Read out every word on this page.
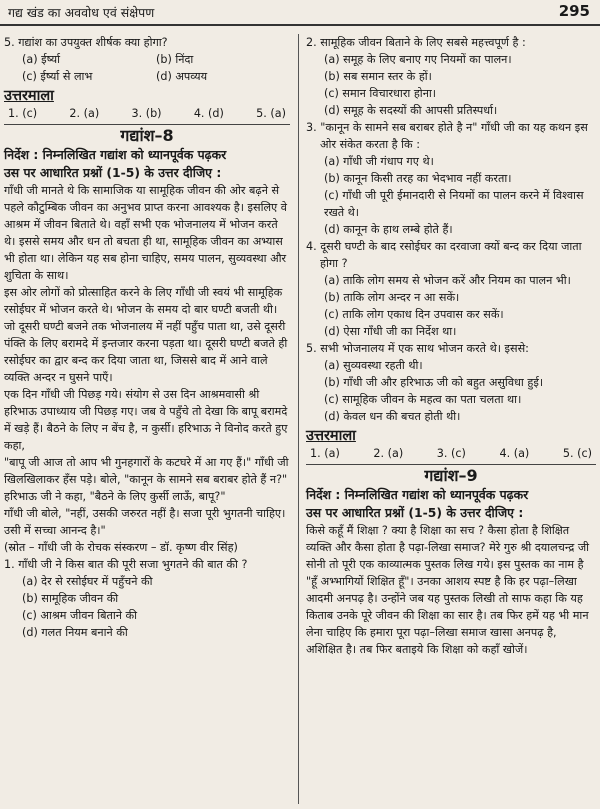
गद्य खंड का अववोध एवं संक्षेपण	295

5. गद्यांश का उपयुक्त शीर्षक क्या होगा?

(a) ईर्ष्या	(b) निंदा
(c) ईर्ष्या से लाभ	(d) अपव्यय
उत्तरमाला
1. (c)	2. (a)	3. (b)	4. (d)	5. (a)
गद्यांश–8

निर्देश : निम्नलिखित गद्यांश को ध्यानपूर्वक पढ़कर

उस पर आधारित प्रश्नों (1-5) के उत्तर दीजिए :

गाँधी जी मानते थे कि सामाजिक या सामूहिक जीवन की ओर बढ़ने से पहले कौटुम्बिक जीवन का अनुभव प्राप्त करना आवश्यक है। इसलिए वे आश्रम में जीवन बिताते थे। वहाँ सभी एक भोजनालय में भोजन करते थे। इससे समय और धन तो बचता ही था, सामूहिक जीवन का अभ्यास भी होता था। लेकिन यह सब होना चाहिए, समय पालन, सुव्यवस्था और शुचिता के साथ।

इस ओर लोगों को प्रोत्साहित करने के लिए गाँधी जी स्वयं भी सामूहिक रसोईघर में भोजन करते थे। भोजन के समय दो बार घण्टी बजती थी। जो दूसरी घण्टी बजने तक भोजनालय में नहीं पहुँच पाता था, उसे दूसरी पंक्ति के लिए बरामदे में इन्तजार करना पड़ता था। दूसरी घण्टी बजते ही रसोईघर का द्वार बन्द कर दिया जाता था, जिससे बाद में आने वाले व्यक्ति अन्दर न घुसने पाएँ।

एक दिन गाँधी जी पिछड़ गये। संयोग से उस दिन आश्रमवासी श्री हरिभाऊ उपाध्याय जी पिछड़ गए। जब वे पहुँचे तो देखा कि बापू बरामदे में खड़े हैं। बैठने के लिए न बेंच है, न कुर्सी। हरिभाऊ ने विनोद करते हुए कहा,

"बापू जी आज तो आप भी गुनहगारों के कटघरे में आ गए हैं।" गाँधी जी खिलखिलाकर हँस पड़े। बोले, "कानून के सामने सब बराबर होते हैं न?" हरिभाऊ जी ने कहा, "बैठने के लिए कुर्सी लाऊँ, बापू?"

गाँधी जी बोले, "नहीं, उसकी जरुरत नहीं है। सजा पूरी भुगतनी चाहिए। उसी में सच्चा आनन्द है।"

(स्रोत – गाँधी जी के रोचक संस्करण – डॉ. कृष्ण वीर सिंह)

1. गाँधी जी ने किस बात की पूरी सजा भुगतने की बात की ?

(a) देर से रसोईघर में पहुँचने की

(b) सामूहिक जीवन की

(c) आश्रम जीवन बिताने की

(d) गलत नियम बनाने की

2. सामूहिक जीवन बिताने के लिए सबसे महत्त्वपूर्ण है :

(a) समूह के लिए बनाए गए नियमों का पालन।

(b) सब समान स्तर के हों।

(c) समान विचारधारा होना।

(d) समूह के सदस्यों की आपसी प्रतिस्पर्धा।

3. "कानून के सामने सब बराबर होते है न" गाँधी जी का यह कथन इस ओर संकेत करता है कि :

(a) गाँधी जी गंधाप गए थे।

(b) कानून किसी तरह का भेदभाव नहीं करता।

(c) गाँधी जी पूरी ईमानदारी से नियमों का पालन करने में विश्वास रखते थे।

(d) कानून के हाथ लम्बे होते हैं।

4. दूसरी घण्टी के बाद रसोईघर का दरवाजा क्यों बन्द कर दिया जाता होगा ?

(a) ताकि लोग समय से भोजन करें और नियम का पालन भी।

(b) ताकि लोग अन्दर न आ सकें।

(c) ताकि लोग एकाध दिन उपवास कर सकें।

(d) ऐसा गाँधी जी का निर्देश था।

5. सभी भोजनालय में एक साथ भोजन करते थे। इससे:

(a) सुव्यवस्था रहती थी।

(b) गाँधी जी और हरिभाऊ जी को बहुत असुविधा हुई।

(c) सामूहिक जीवन के महत्व का पता चलता था।

(d) केवल धन की बचत होती थी।

उत्तरमाला
1. (a)	2. (a)	3. (c)	4. (a)	5. (c)
गद्यांश–9

निर्देश : निम्नलिखित गद्यांश को ध्यानपूर्वक पढ़कर

उस पर आधारित प्रश्नों (1-5) के उत्तर दीजिए :

किसे कहूँ मैं शिक्षा ? क्या है शिक्षा का सच ? कैसा होता है शिक्षित व्यक्ति और कैसा होता है पढ़ा-लिखा समाज? मेरे गुरु श्री दयालचन्द्र जी सोनी तो पूरी एक काव्यात्मक पुस्तक लिख गये। इस पुस्तक का नाम है "हूँ अभ्भागियों शिक्षित हूँ"। उनका आशय स्पष्ट है कि हर पढ़ा–लिखा आदमी अनपढ़ है। उन्होंने जब यह पुस्तक लिखी तो साफ कहा कि यह किताब उनके पूरे जीवन की शिक्षा का सार है। तब फिर हमें यह भी मान लेना चाहिए कि हमारा पूरा पढ़ा–लिखा समाज खासा अनपढ़ है, अशिक्षित है। तब फिर बताइये कि शिक्षा को कहाँ खोजें।
